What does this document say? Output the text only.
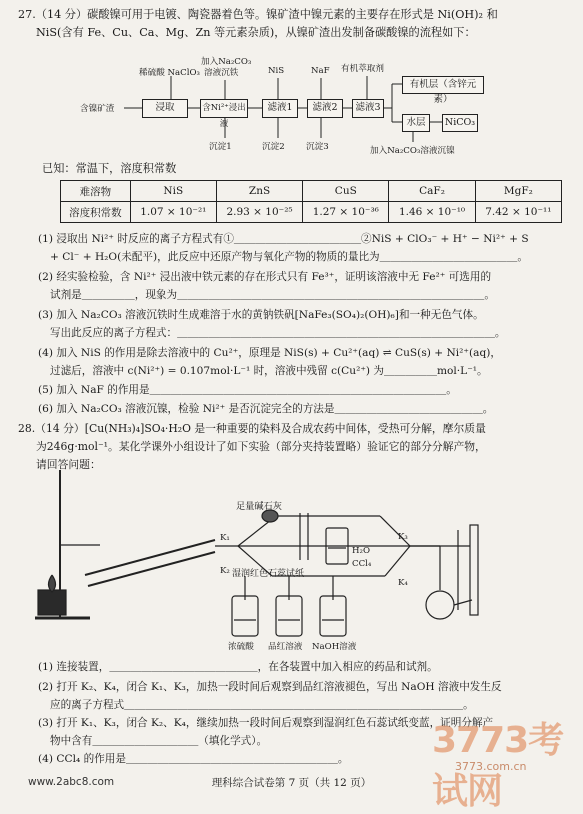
27.（14 分）碳酸镍可用于电镀、陶瓷器着色等。镍矿渣中镍元素的主要存在形式是 Ni(OH)₂ 和
NiS(含有 Fe、Cu、Ca、Mg、Zn 等元素杂质)，从镍矿渣出发制备碳酸镍的流程如下：
含镍矿渣
稀硫酸 NaClO₃
浸取
加入Na₂CO₃
溶液沉铁
含Ni²⁺浸出液
NiS
滤液1
NaF
滤液2
有机萃取剂
滤液3
有机层（含锌元素）
水层	NiCO₃
沉淀1	沉淀2 沉淀3	加入Na₂CO₃溶液沉镍
已知：常温下，溶度积常数
难溶物	NiS	ZnS	CuS	CaF₂	MgF₂
溶度积常数	1.07 × 10⁻²¹	2.93 × 10⁻²⁵	1.27 × 10⁻³⁶	1.46 × 10⁻¹⁰	7.42 × 10⁻¹¹
(1) 浸取出 Ni²⁺ 时反应的离子方程式有①＿＿＿＿＿＿＿＿＿＿＿＿②NiS + ClO₃⁻ + H⁺ − Ni²⁺ + S
+ Cl⁻ + H₂O(未配平)，此反应中还原产物与氧化产物的物质的量比为＿＿＿＿＿＿＿＿＿＿＿＿＿。
(2) 经实验检验，含 Ni²⁺ 浸出液中铁元素的存在形式只有 Fe³⁺，证明该溶液中无 Fe²⁺ 可选用的
试剂是＿＿＿＿＿，现象为＿＿＿＿＿＿＿＿＿＿＿＿＿＿＿＿＿＿＿＿＿＿＿＿＿＿＿＿＿。
(3) 加入 Na₂CO₃ 溶液沉铁时生成难溶于水的黄钠铁矾[NaFe₃(SO₄)₂(OH)₆]和一种无色气体。
写出此反应的离子方程式：＿＿＿＿＿＿＿＿＿＿＿＿＿＿＿＿＿＿＿＿＿＿＿＿＿＿＿＿＿＿。
(4) 加入 NiS 的作用是除去溶液中的 Cu²⁺，原理是 NiS(s) + Cu²⁺(aq) ⇌ CuS(s) + Ni²⁺(aq)，
过滤后，溶液中 c(Ni²⁺) = 0.107mol·L⁻¹ 时，溶液中残留 c(Cu²⁺) 为＿＿＿＿＿mol·L⁻¹。
(5) 加入 NaF 的作用是＿＿＿＿＿＿＿＿＿＿＿＿＿＿＿＿＿＿＿＿＿＿＿＿＿＿＿＿。
(6) 加入 Na₂CO₃ 溶液沉镍，检验 Ni²⁺ 是否沉淀完全的方法是＿＿＿＿＿＿＿＿＿＿＿＿＿＿。
28.（14 分）[Cu(NH₃)₄]SO₄·H₂O 是一种重要的染料及合成农药中间体，受热可分解，摩尔质量
为246g·mol⁻¹。某化学课外小组设计了如下实验（部分夹持装置略）验证它的部分分解产物，
请回答问题：
足量碱石灰
K₁
K₂
K₃
K₄
H₂O
CCl₄
湿润红色石蕊试纸
浓硫酸 品红溶液 NaOH溶液
(1) 连接装置，＿＿＿＿＿＿＿＿＿＿＿＿＿＿，在各装置中加入相应的药品和试剂。
(2) 打开 K₂、K₄，闭合 K₁、K₃，加热一段时间后观察到品红溶液褪色，写出 NaOH 溶液中发生反
应的离子方程式＿＿＿＿＿＿＿＿＿＿＿＿＿＿＿＿＿＿＿＿＿＿＿＿＿＿＿＿＿＿＿＿。
(3) 打开 K₁、K₃，闭合 K₂、K₄，继续加热一段时间后观察到湿润红色石蕊试纸变蓝，证明分解产
物中含有＿＿＿＿＿＿＿＿＿＿（填化学式）。
(4) CCl₄ 的作用是＿＿＿＿＿＿＿＿＿＿＿＿＿＿＿＿＿＿＿＿。
理科综合试卷第 7 页（共 12 页）
www.2abc8.com
3773考试网
3773.com.cn
